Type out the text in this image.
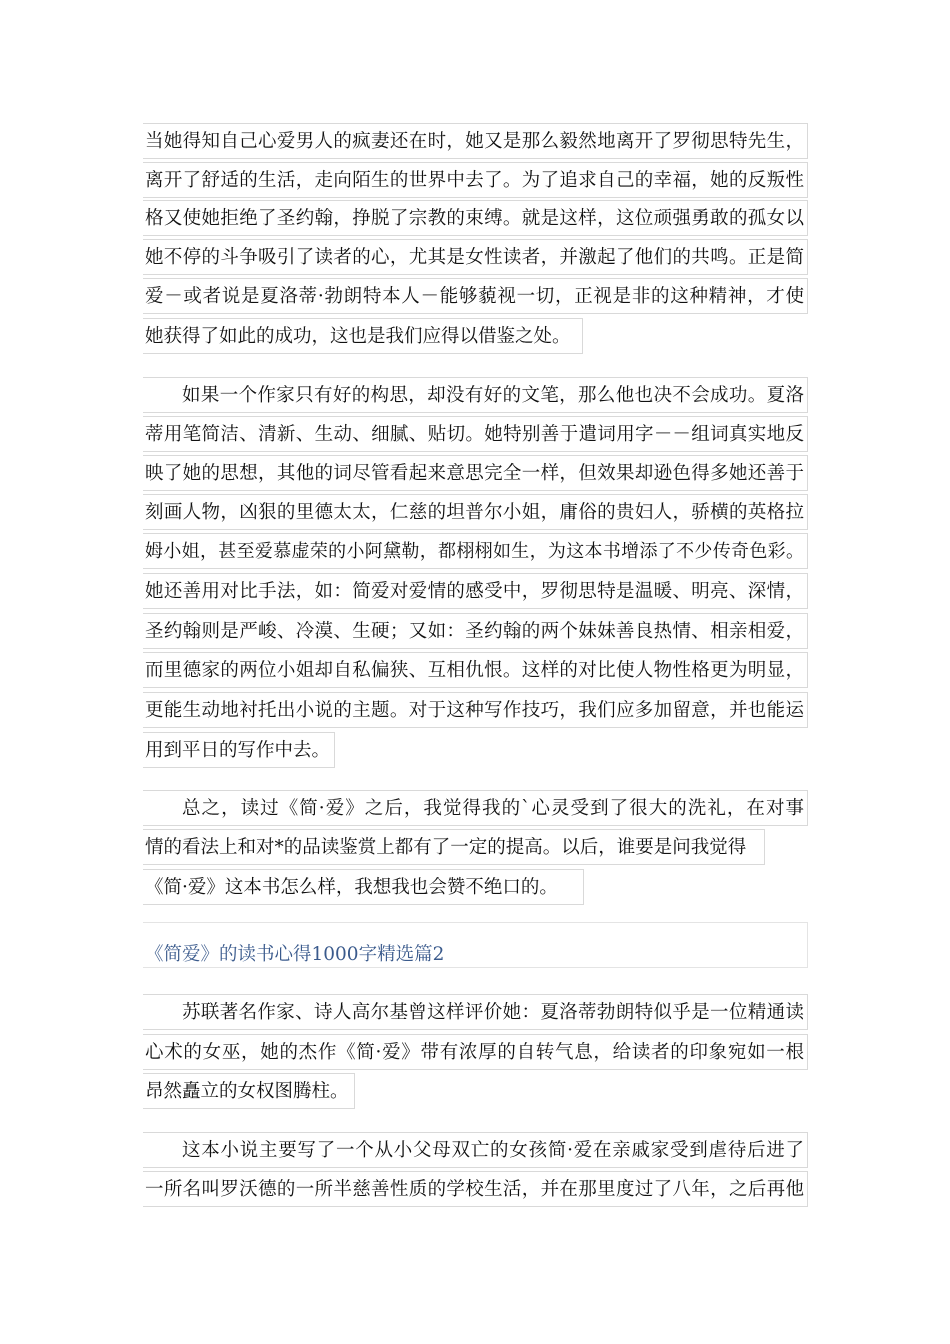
当她得知自己心爱男人的疯妻还在时，她又是那么毅然地离开了罗彻思特先生，
离开了舒适的生活，走向陌生的世界中去了。为了追求自己的幸福，她的反叛性
格又使她拒绝了圣约翰，挣脱了宗教的束缚。就是这样，这位顽强勇敢的孤女以
她不停的斗争吸引了读者的心，尤其是女性读者，并激起了他们的共鸣。正是简
爱－或者说是夏洛蒂·勃朗特本人－能够藐视一切，正视是非的这种精神，才使
她获得了如此的成功，这也是我们应得以借鉴之处。
如果一个作家只有好的构思，却没有好的文笔，那么他也决不会成功。夏洛
蒂用笔简洁、清新、生动、细腻、贴切。她特别善于遣词用字－－组词真实地反
映了她的思想，其他的词尽管看起来意思完全一样，但效果却逊色得多她还善于
刻画人物，凶狠的里德太太，仁慈的坦普尔小姐，庸俗的贵妇人，骄横的英格拉
姆小姐，甚至爱慕虚荣的小阿黛勒，都栩栩如生，为这本书增添了不少传奇色彩。
她还善用对比手法，如：简爱对爱情的感受中，罗彻思特是温暖、明亮、深情，
圣约翰则是严峻、冷漠、生硬；又如：圣约翰的两个妹妹善良热情、相亲相爱，
而里德家的两位小姐却自私偏狭、互相仇恨。这样的对比使人物性格更为明显，
更能生动地衬托出小说的主题。对于这种写作技巧，我们应多加留意，并也能运
用到平日的写作中去。
总之，读过《简·爱》之后，我觉得我的`心灵受到了很大的洗礼，在对事
情的看法上和对*的品读鉴赏上都有了一定的提高。以后，谁要是问我觉得
《简·爱》这本书怎么样，我想我也会赞不绝口的。
《简爱》的读书心得1000字精选篇2
苏联著名作家、诗人高尔基曾这样评价她：夏洛蒂勃朗特似乎是一位精通读
心术的女巫，她的杰作《简·爱》带有浓厚的自转气息，给读者的印象宛如一根
昂然矗立的女权图腾柱。
这本小说主要写了一个从小父母双亡的女孩简·爱在亲戚家受到虐待后进了
一所名叫罗沃德的一所半慈善性质的学校生活，并在那里度过了八年，之后再他
